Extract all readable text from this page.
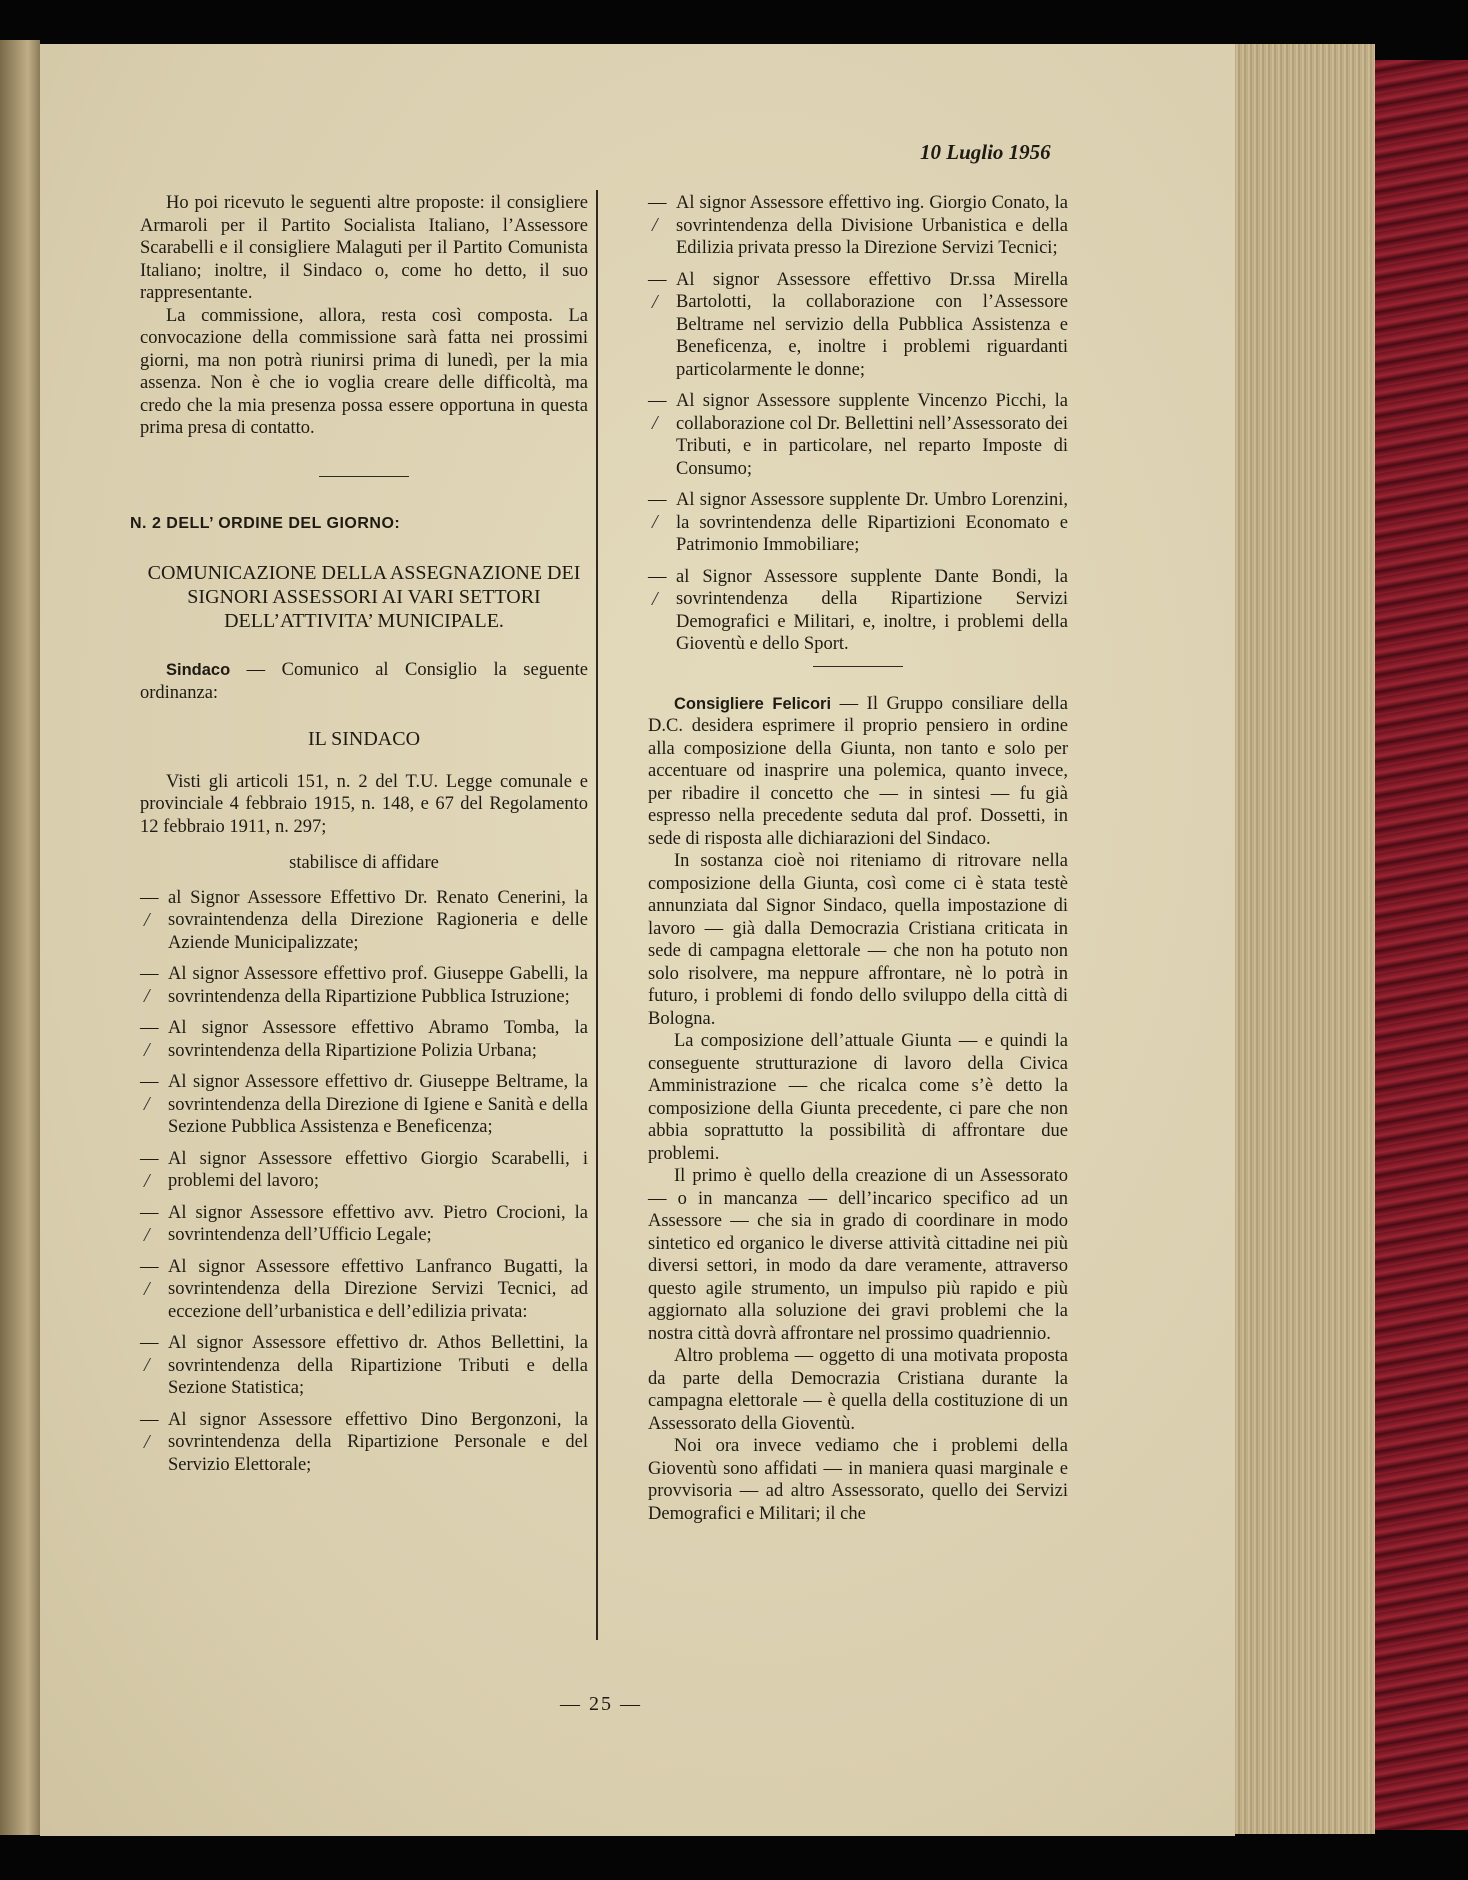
10 Luglio 1956

Ho poi ricevuto le seguenti altre proposte: il consigliere Armaroli per il Partito Socialista Italiano, l’Assessore Scarabelli e il consigliere Malaguti per il Partito Comunista Italiano; inoltre, il Sindaco o, come ho detto, il suo rappresentante.

La commissione, allora, resta così composta. La convocazione della commissione sarà fatta nei prossimi giorni, ma non potrà riunirsi prima di lunedì, per la mia assenza. Non è che io voglia creare delle difficoltà, ma credo che la mia presenza possa essere opportuna in questa prima presa di contatto.

N. 2 DELL’ ORDINE DEL GIORNO:
COMUNICAZIONE DELLA ASSEGNAZIONE DEI SIGNORI ASSESSORI AI VARI SETTORI DELL’ATTIVITA’ MUNICIPALE.

Sindaco — Comunico al Consiglio la seguente ordinanza:

IL SINDACO

Visti gli articoli 151, n. 2 del T.U. Legge comunale e provinciale 4 febbraio 1915, n. 148, e 67 del Regolamento 12 febbraio 1911, n. 297;

stabilisce di affidare
—
/
al Signor Assessore Effettivo Dr. Renato Cenerini, la sovraintendenza della Direzione Ragioneria e delle Aziende Municipalizzate;
—
/
Al signor Assessore effettivo prof. Giuseppe Gabelli, la sovrintendenza della Ripartizione Pubblica Istruzione;
—
/
Al signor Assessore effettivo Abramo Tomba, la sovrintendenza della Ripartizione Polizia Urbana;
—
/
Al signor Assessore effettivo dr. Giuseppe Beltrame, la sovrintendenza della Direzione di Igiene e Sanità e della Sezione Pubblica Assistenza e Beneficenza;
—
/
Al signor Assessore effettivo Giorgio Scarabelli, i problemi del lavoro;
—
/
Al signor Assessore effettivo avv. Pietro Crocioni, la sovrintendenza dell’Ufficio Legale;
—
/
Al signor Assessore effettivo Lanfranco Bugatti, la sovrintendenza della Direzione Servizi Tecnici, ad eccezione dell’urbanistica e dell’edilizia privata:
—
/
Al signor Assessore effettivo dr. Athos Bellettini, la sovrintendenza della Ripartizione Tributi e della Sezione Statistica;
—
/
Al signor Assessore effettivo Dino Bergonzoni, la sovrintendenza della Ripartizione Personale e del Servizio Elettorale;
—
/
Al signor Assessore effettivo ing. Giorgio Conato, la sovrintendenza della Divisione Urbanistica e della Edilizia privata presso la Direzione Servizi Tecnici;
—
/
Al signor Assessore effettivo Dr.ssa Mirella Bartolotti, la collaborazione con l’Assessore Beltrame nel servizio della Pubblica Assistenza e Beneficenza, e, inoltre i problemi riguardanti particolarmente le donne;
—
/
Al signor Assessore supplente Vincenzo Picchi, la collaborazione col Dr. Bellettini nell’Assessorato dei Tributi, e in particolare, nel reparto Imposte di Consumo;
—
/
Al signor Assessore supplente Dr. Umbro Lorenzini, la sovrintendenza delle Ripartizioni Economato e Patrimonio Immobiliare;
—
/
al Signor Assessore supplente Dante Bondi, la sovrintendenza della Ripartizione Servizi Demografici e Militari, e, inoltre, i problemi della Gioventù e dello Sport.

Consigliere Felicori — Il Gruppo consiliare della D.C. desidera esprimere il proprio pensiero in ordine alla composizione della Giunta, non tanto e solo per accentuare od inasprire una polemica, quanto invece, per ribadire il concetto che — in sintesi — fu già espresso nella precedente seduta dal prof. Dossetti, in sede di risposta alle dichiarazioni del Sindaco.

In sostanza cioè noi riteniamo di ritrovare nella composizione della Giunta, così come ci è stata testè annunziata dal Signor Sindaco, quella impostazione di lavoro — già dalla Democrazia Cristiana criticata in sede di campagna elettorale — che non ha potuto non solo risolvere, ma neppure affrontare, nè lo potrà in futuro, i problemi di fondo dello sviluppo della città di Bologna.

La composizione dell’attuale Giunta — e quindi la conseguente strutturazione di lavoro della Civica Amministrazione — che ricalca come s’è detto la composizione della Giunta precedente, ci pare che non abbia soprattutto la possibilità di affrontare due problemi.

Il primo è quello della creazione di un Assessorato — o in mancanza — dell’incarico specifico ad un Assessore — che sia in grado di coordinare in modo sintetico ed organico le diverse attività cittadine nei più diversi settori, in modo da dare veramente, attraverso questo agile strumento, un impulso più rapido e più aggiornato alla soluzione dei gravi problemi che la nostra città dovrà affrontare nel prossimo quadriennio.

Altro problema — oggetto di una motivata proposta da parte della Democrazia Cristiana durante la campagna elettorale — è quella della costituzione di un Assessorato della Gioventù.

Noi ora invece vediamo che i problemi della Gioventù sono affidati — in maniera quasi marginale e provvisoria — ad altro Assessorato, quello dei Servizi Demografici e Militari; il che

— 25 —
